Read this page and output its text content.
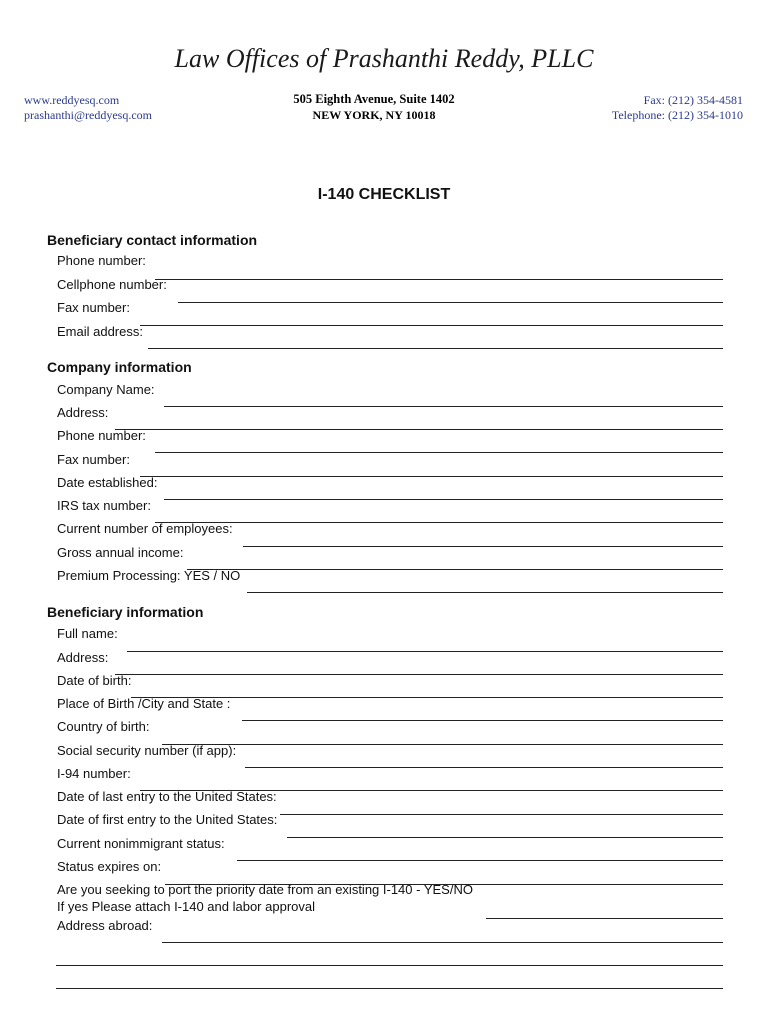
Law Offices of Prashanthi Reddy, PLLC
www.reddyesq.com
prashanthi@reddyesq.com
505 Eighth Avenue, Suite 1402
NEW YORK, NY 10018
Fax: (212) 354-4581
Telephone: (212) 354-1010
I-140 CHECKLIST
Beneficiary contact information
Phone number:
Cellphone number:
Fax number:
Email address:
Company information
Company Name:
Address:
Phone number:
Fax number:
Date established:
IRS tax number:
Current number of employees:
Gross annual income:
Premium Processing: YES / NO
Beneficiary information
Full name:
Address:
Date of birth:
Place of Birth /City and State :
Country of birth:
Social security number (if app):
I-94 number:
Date of last entry to the United States:
Date of first entry to the United States:
Current nonimmigrant status:
Status expires on:
Are you seeking to port the priority date from an existing I-140 - YES/NO
If yes Please attach I-140 and labor approval
Address abroad:
